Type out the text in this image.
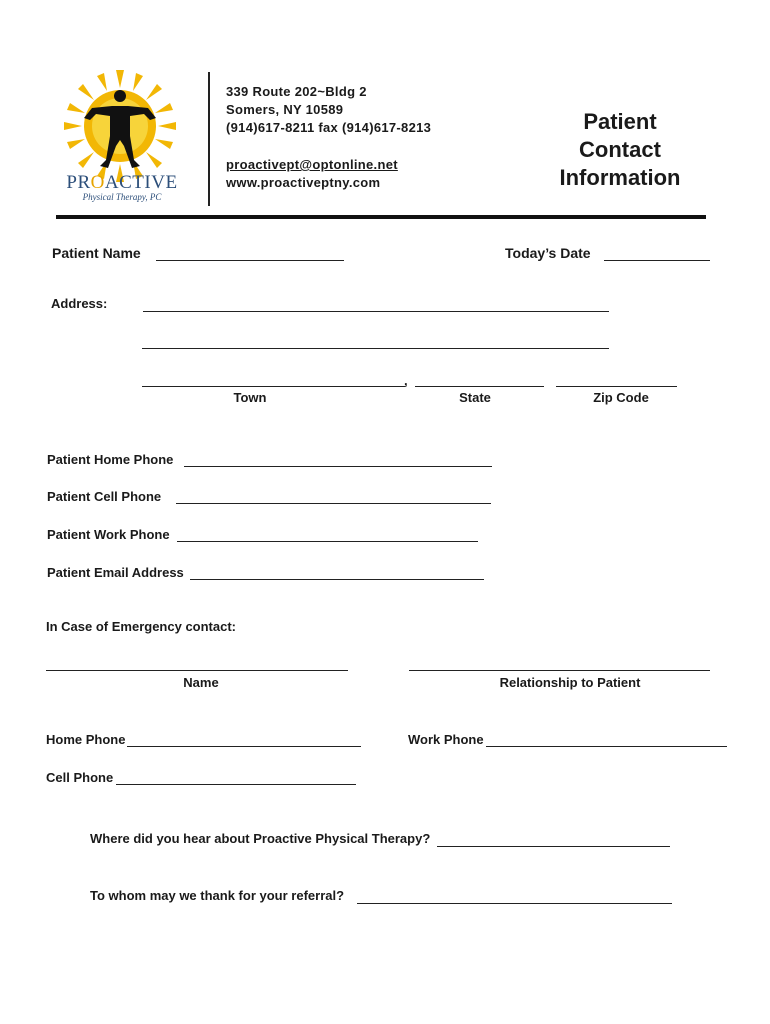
PROACTIVE
Physical Therapy, PC
339 Route 202~Bldg 2
Somers, NY 10589
(914)617-8211 fax (914)617-8213
proactivept@optonline.net
www.proactiveptny.com
Patient
Contact
Information
Patient Name	Today’s Date
Address:
,
Town	State	Zip Code
Patient Home Phone
Patient Cell Phone
Patient Work Phone
Patient Email Address
In Case of Emergency contact:
Name	Relationship to Patient
Home Phone	Work Phone
Cell Phone
Where did you hear about Proactive Physical Therapy?
To whom may we thank for your referral?
